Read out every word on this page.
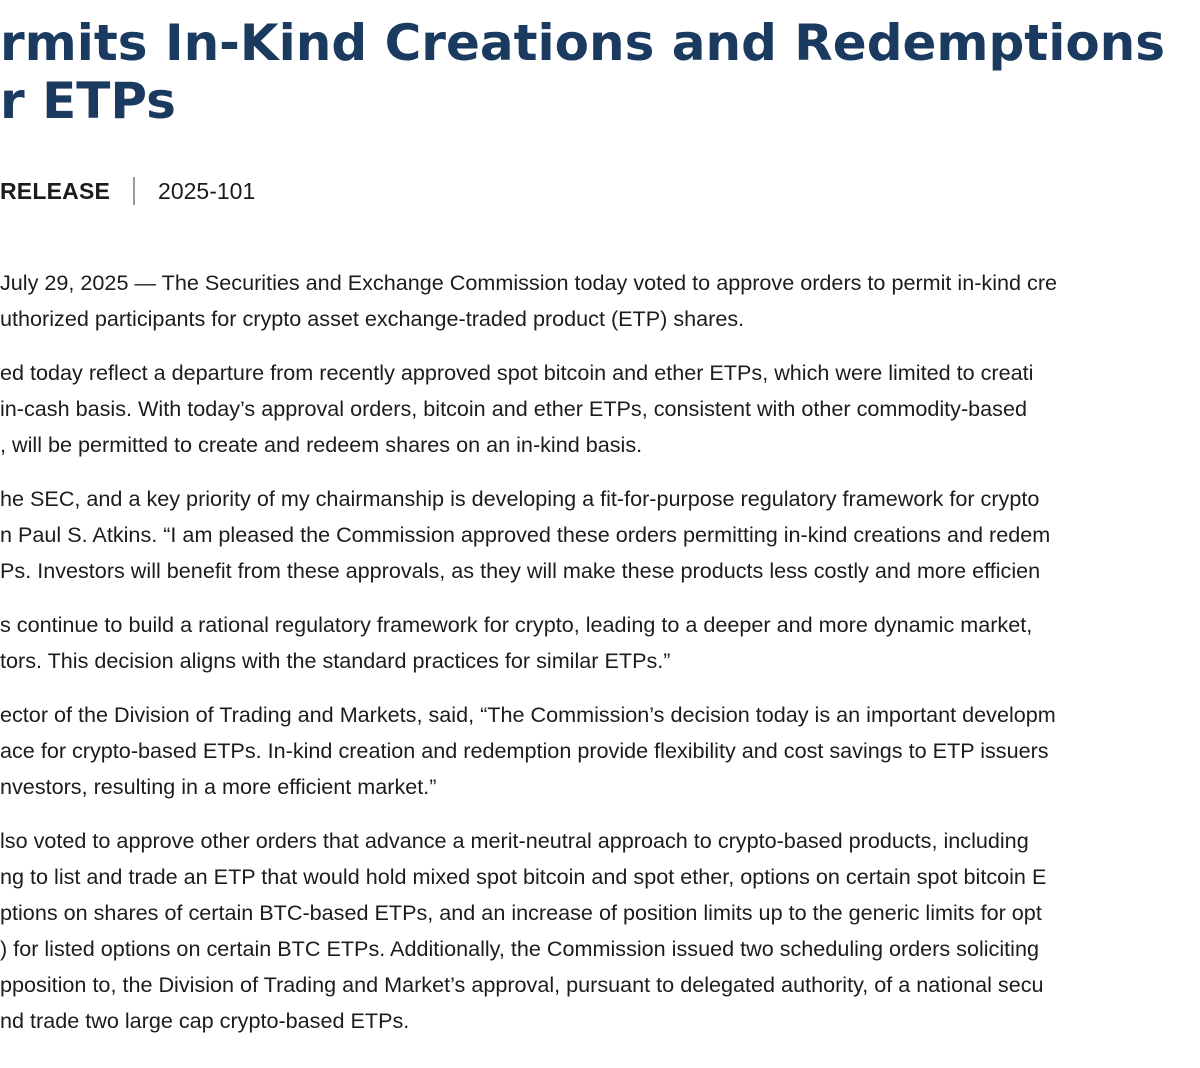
rmits In-Kind Creations and Redemptions
r ETPs
RELEASE 2025-101

July 29, 2025 — The Securities and Exchange Commission today voted to approve orders to permit in-kind cre
uthorized participants for crypto asset exchange-traded product (ETP) shares.

ed today reflect a departure from recently approved spot bitcoin and ether ETPs, which were limited to creati
in-cash basis. With today’s approval orders, bitcoin and ether ETPs, consistent with other commodity-based
, will be permitted to create and redeem shares on an in-kind basis.

he SEC, and a key priority of my chairmanship is developing a fit-for-purpose regulatory framework for crypto
n Paul S. Atkins. “I am pleased the Commission approved these orders permitting in-kind creations and redem
Ps. Investors will benefit from these approvals, as they will make these products less costly and more efficien

s continue to build a rational regulatory framework for crypto, leading to a deeper and more dynamic market,
tors. This decision aligns with the standard practices for similar ETPs.”

ector of the Division of Trading and Markets, said, “The Commission’s decision today is an important developm
ace for crypto-based ETPs. In-kind creation and redemption provide flexibility and cost savings to ETP issuers
nvestors, resulting in a more efficient market.”

lso voted to approve other orders that advance a merit-neutral approach to crypto-based products, including
ng to list and trade an ETP that would hold mixed spot bitcoin and spot ether, options on certain spot bitcoin E
ptions on shares of certain BTC-based ETPs, and an increase of position limits up to the generic limits for opt
) for listed options on certain BTC ETPs. Additionally, the Commission issued two scheduling orders soliciting
pposition to, the Division of Trading and Market’s approval, pursuant to delegated authority, of a national secu
nd trade two large cap crypto-based ETPs.
